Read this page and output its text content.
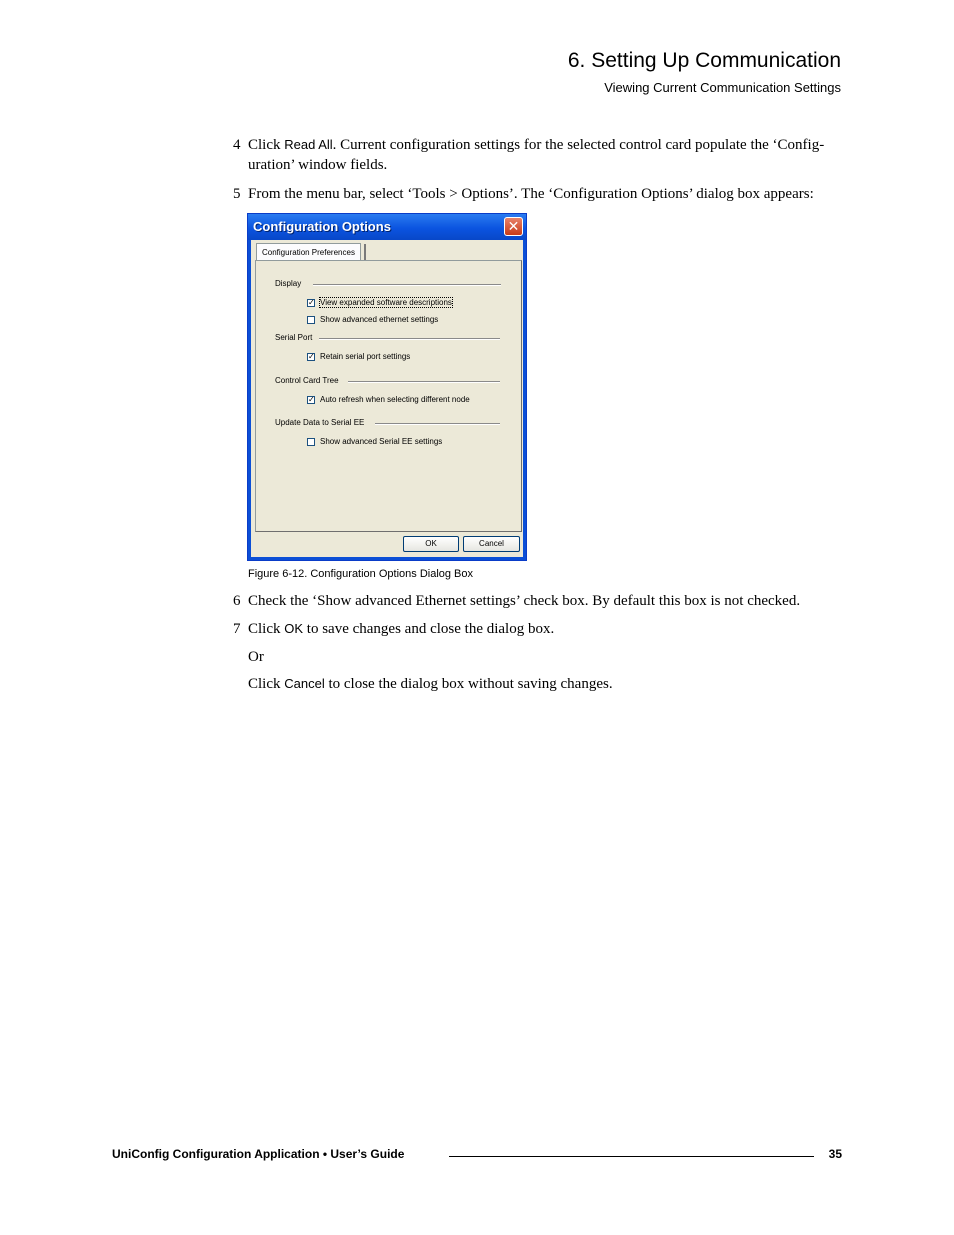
6. Setting Up Communication
Viewing Current Communication Settings
4 Click Read All. Current configuration settings for the selected control card populate the ‘Config-uration’ window fields.
5 From the menu bar, select ‘Tools > Options’. The ‘Configuration Options’ dialog box appears:
Configuration Options	✕
Configuration Preferences
Display
✓ View expanded software descriptions
Show advanced ethernet settings
Serial Port
✓ Retain serial port settings
Control Card Tree
✓ Auto refresh when selecting different node
Update Data to Serial EE
Show advanced Serial EE settings
OK	Cancel
Figure 6-12. Configuration Options Dialog Box
6 Check the ‘Show advanced Ethernet settings’ check box. By default this box is not checked.
7 Click OK to save changes and close the dialog box.
Or
Click Cancel to close the dialog box without saving changes.
UniConfig Configuration Application • User’s Guide	35
